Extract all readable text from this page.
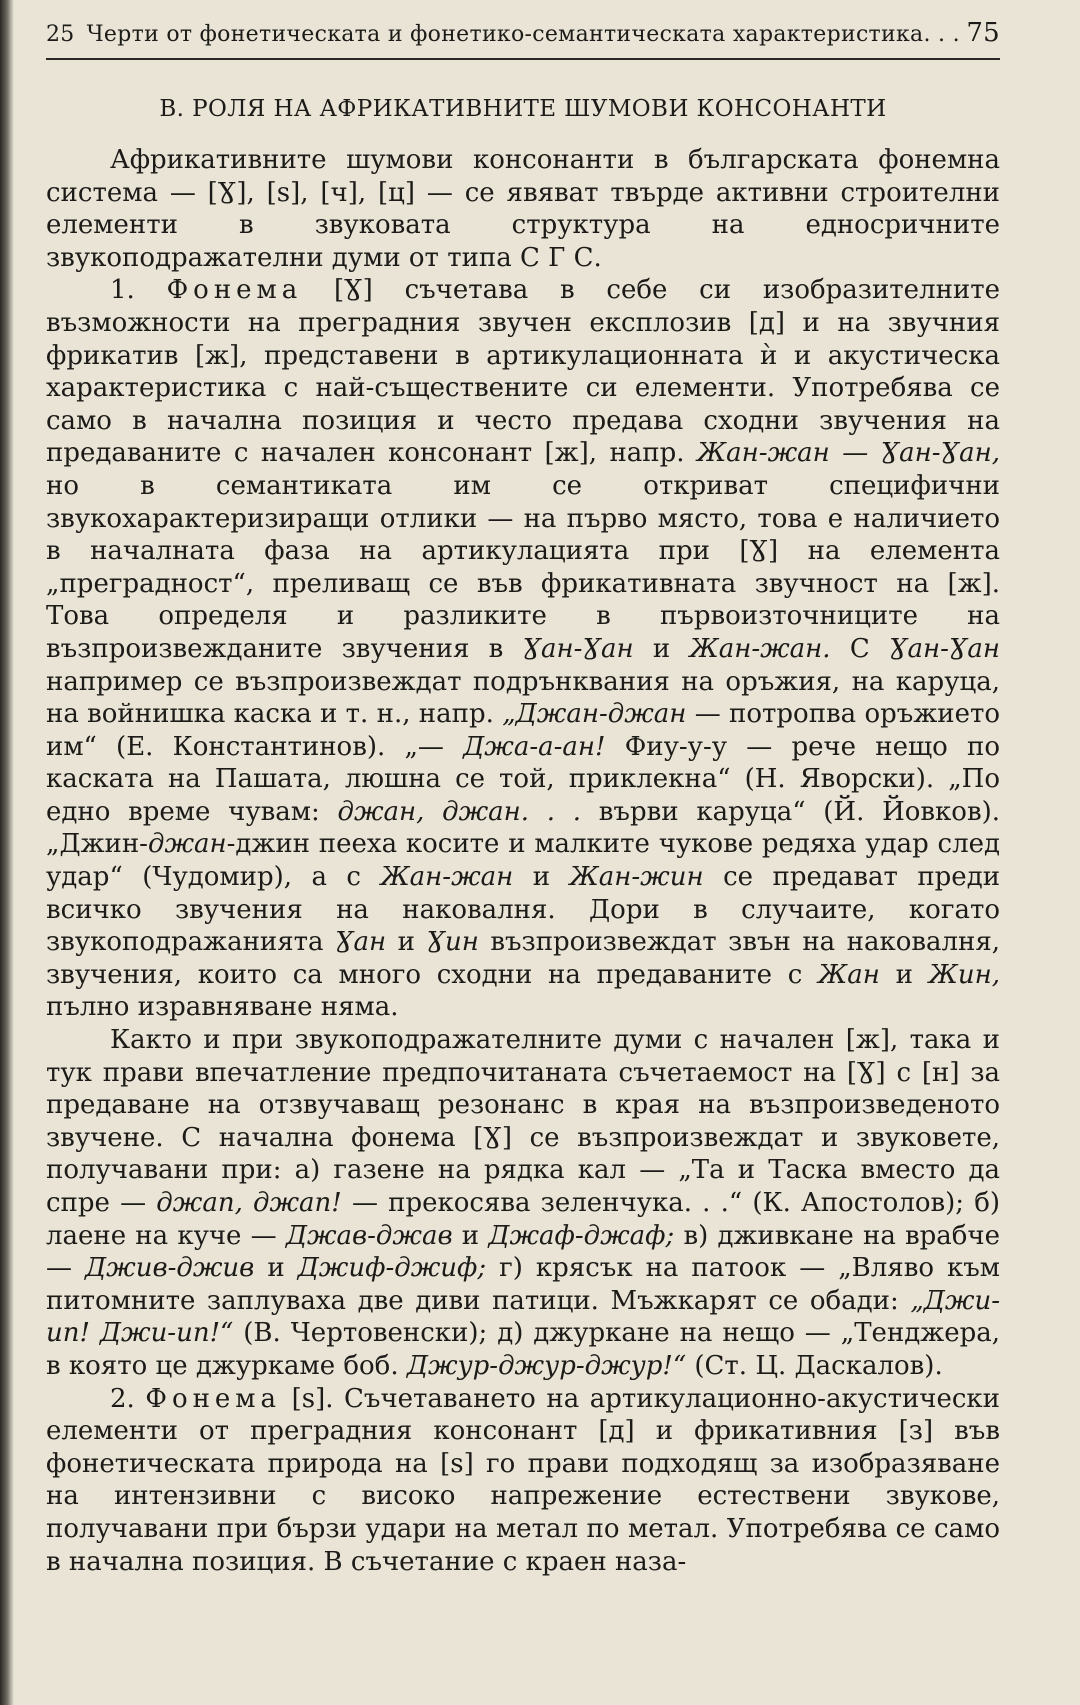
25 Черти от фонетическата и фонетико-семантическата характеристика. . . 75
В. РОЛЯ НА АФРИКАТИВНИТЕ ШУМОВИ КОНСОНАНТИ

Африкативните шумови консонанти в българската фонемна система — [Ɣ], [s], [ч], [ц] — се явяват твърде активни строителни елементи в звуковата структура на едносричните звукоподражателни думи от типа С Г С.

1. Фонема [Ɣ] съчетава в себе си изобразителните възможности на преградния звучен експлозив [д] и на звучния фрикатив [ж], представени в артикулационната ѝ и акустическа характеристика с най-съществените си елементи. Употребява се само в начална позиция и често предава сходни звучения на предаваните с начален консонант [ж], напр. Жан-жан — Ɣан-Ɣан, но в семантиката им се откриват специфични звукохарактеризиращи отлики — на първо място, това е наличието в началната фаза на артикулацията при [Ɣ] на елемента „преградност“, преливащ се във фрикативната звучност на [ж]. Това определя и разликите в първоизточниците на възпроизвежданите звучения в Ɣан-Ɣан и Жан-жан. С Ɣан-Ɣан например се възпроизвеждат подрънквания на оръжия, на каруца, на войнишка каска и т. н., напр. „Джан-джан — потропва оръжието им“ (Е. Константинов). „— Джа-а-ан! Фиу-у-у — рече нещо по каската на Пашата, люшна се той, приклекна“ (Н. Яворски). „По едно време чувам: джан, джан. . . върви каруца“ (Й. Йовков). „Джин-джан-джин пееха косите и малките чукове редяха удар след удар“ (Чудомир), а с Жан-жан и Жан-жин се предават преди всичко звучения на наковалня. Дори в случаите, когато звукоподражанията Ɣан и Ɣин възпроизвеждат звън на наковалня, звучения, които са много сходни на предаваните с Жан и Жин, пълно изравняване няма.

Както и при звукоподражателните думи с начален [ж], така и тук прави впечатление предпочитаната съчетаемост на [Ɣ] с [н] за предаване на отзвучаващ резонанс в края на възпроизведеното звучене. С начална фонема [Ɣ] се възпроизвеждат и звуковете, получавани при: а) газене на рядка кал — „Та и Таска вместо да спре — джап, джап! — прекосява зеленчука. . .“ (К. Апостолов); б) лаене на куче — Джав-джав и Джаф-джаф; в) дживкане на врабче — Джив-джив и Джиф-джиф; г) крясък на патоок — „Вляво към питомните заплуваха две диви патици. Мъжкарят се обади: „Джи-ип! Джи-ип!“ (В. Чертовенски); д) джуркане на нещо — „Тенджера, в която це джуркаме боб. Джур-джур-джур!“ (Ст. Ц. Даскалов).

2. Фонема [s]. Съчетаването на артикулационно-акустически елементи от преградния консонант [д] и фрикативния [з] във фонетическата природа на [s] го прави подходящ за изобразяване на интензивни с високо напрежение естествени звукове, получавани при бързи удари на метал по метал. Употребява се само в начална позиция. В съчетание с краен наза-
